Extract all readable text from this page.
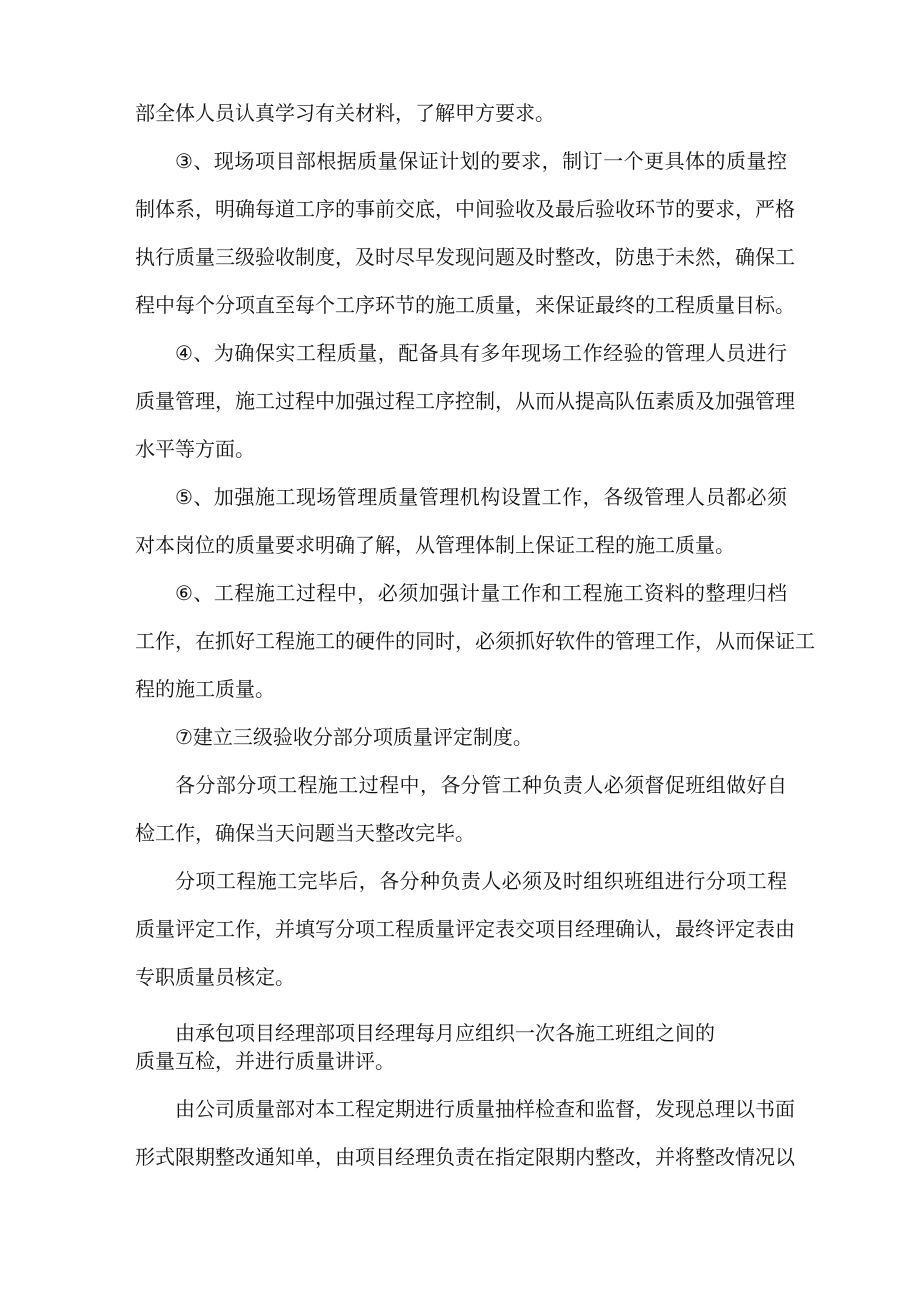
部全体人员认真学习有关材料，了解甲方要求。

③、现场项目部根据质量保证计划的要求，制订一个更具体的质量控

制体系，明确每道工序的事前交底，中间验收及最后验收环节的要求，严格

执行质量三级验收制度，及时尽早发现问题及时整改，防患于未然，确保工

程中每个分项直至每个工序环节的施工质量，来保证最终的工程质量目标。

④、为确保实工程质量，配备具有多年现场工作经验的管理人员进行

质量管理，施工过程中加强过程工序控制，从而从提高队伍素质及加强管理

水平等方面。

⑤、加强施工现场管理质量管理机构设置工作，各级管理人员都必须

对本岗位的质量要求明确了解，从管理体制上保证工程的施工质量。

⑥、工程施工过程中，必须加强计量工作和工程施工资料的整理归档

工作，在抓好工程施工的硬件的同时，必须抓好软件的管理工作，从而保证工

程的施工质量。

⑦建立三级验收分部分项质量评定制度。

各分部分项工程施工过程中，各分管工种负责人必须督促班组做好自

检工作，确保当天问题当天整改完毕。

分项工程施工完毕后，各分种负责人必须及时组织班组进行分项工程

质量评定工作，并填写分项工程质量评定表交项目经理确认，最终评定表由

专职质量员核定。

由承包项目经理部项目经理每月应组织一次各施工班组之间的

质量互检，并进行质量讲评。

由公司质量部对本工程定期进行质量抽样检查和监督，发现总理以书面

形式限期整改通知单，由项目经理负责在指定限期内整改，并将整改情况以
